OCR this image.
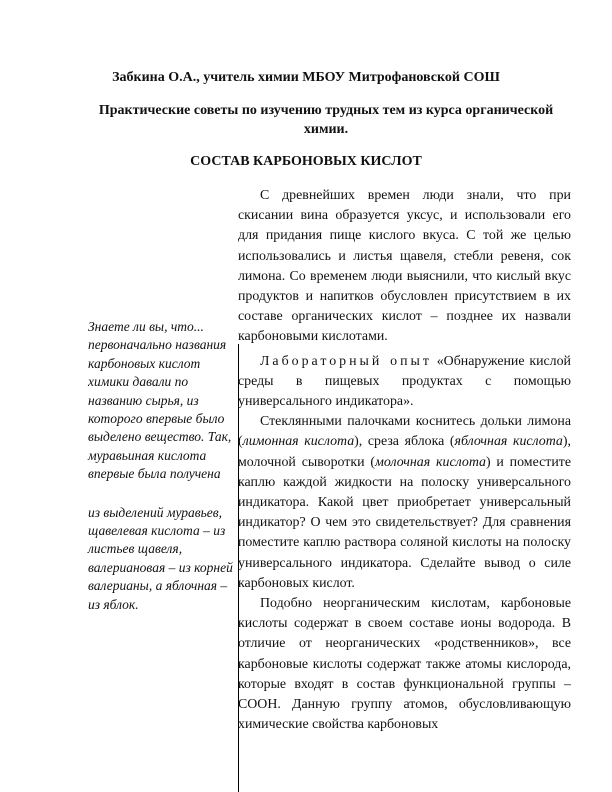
Забкина О.А., учитель химии МБОУ Митрофановской СОШ
Практические советы по изучению трудных тем из курса органической химии.
СОСТАВ КАРБОНОВЫХ КИСЛОТ

Знаете ли вы, что... первоначально названия карбоновых кислот химики давали по названию сырья, из которого впервые было выделено вещество. Так, муравьиная кислота впервые была получена

из выделений муравьев, щавелевая кислота – из листьев щавеля, валериановая – из корней валерианы, а яблочная –

из яблок.

С древнейших времен люди знали, что при скисании вина образуется уксус, и использовали его для придания пище кислого вкуса. С той же целью использовались и листья щавеля, стебли ревеня, сок лимона. Со временем люди выяснили, что кислый вкус продуктов и напитков обусловлен присутствием в их составе органических кислот – позднее их назвали карбоновыми кислотами.

Лабораторный опыт «Обнаружение кислой среды в пищевых продуктах с помощью универсального индикатора».

Стеклянными палочками коснитесь дольки лимона (лимонная кислота), среза яблока (яблочная кислота), молочной сыворотки (молочная кислота) и поместите каплю каждой жидкости на полоску универсального индикатора. Какой цвет приобретает универсальный индикатор? О чем это свидетельствует? Для сравнения поместите каплю раствора соляной кислоты на полоску универсального индикатора. Сделайте вывод о силе карбоновых кислот.

Подобно неорганическим кислотам, карбоновые кислоты содержат в своем составе ионы водорода. В отличие от неорганических «родственников», все карбоновые кислоты содержат также атомы кислорода, которые входят в состав функциональной группы –СООН. Данную группу атомов, обусловливающую химические свойства карбоновых
